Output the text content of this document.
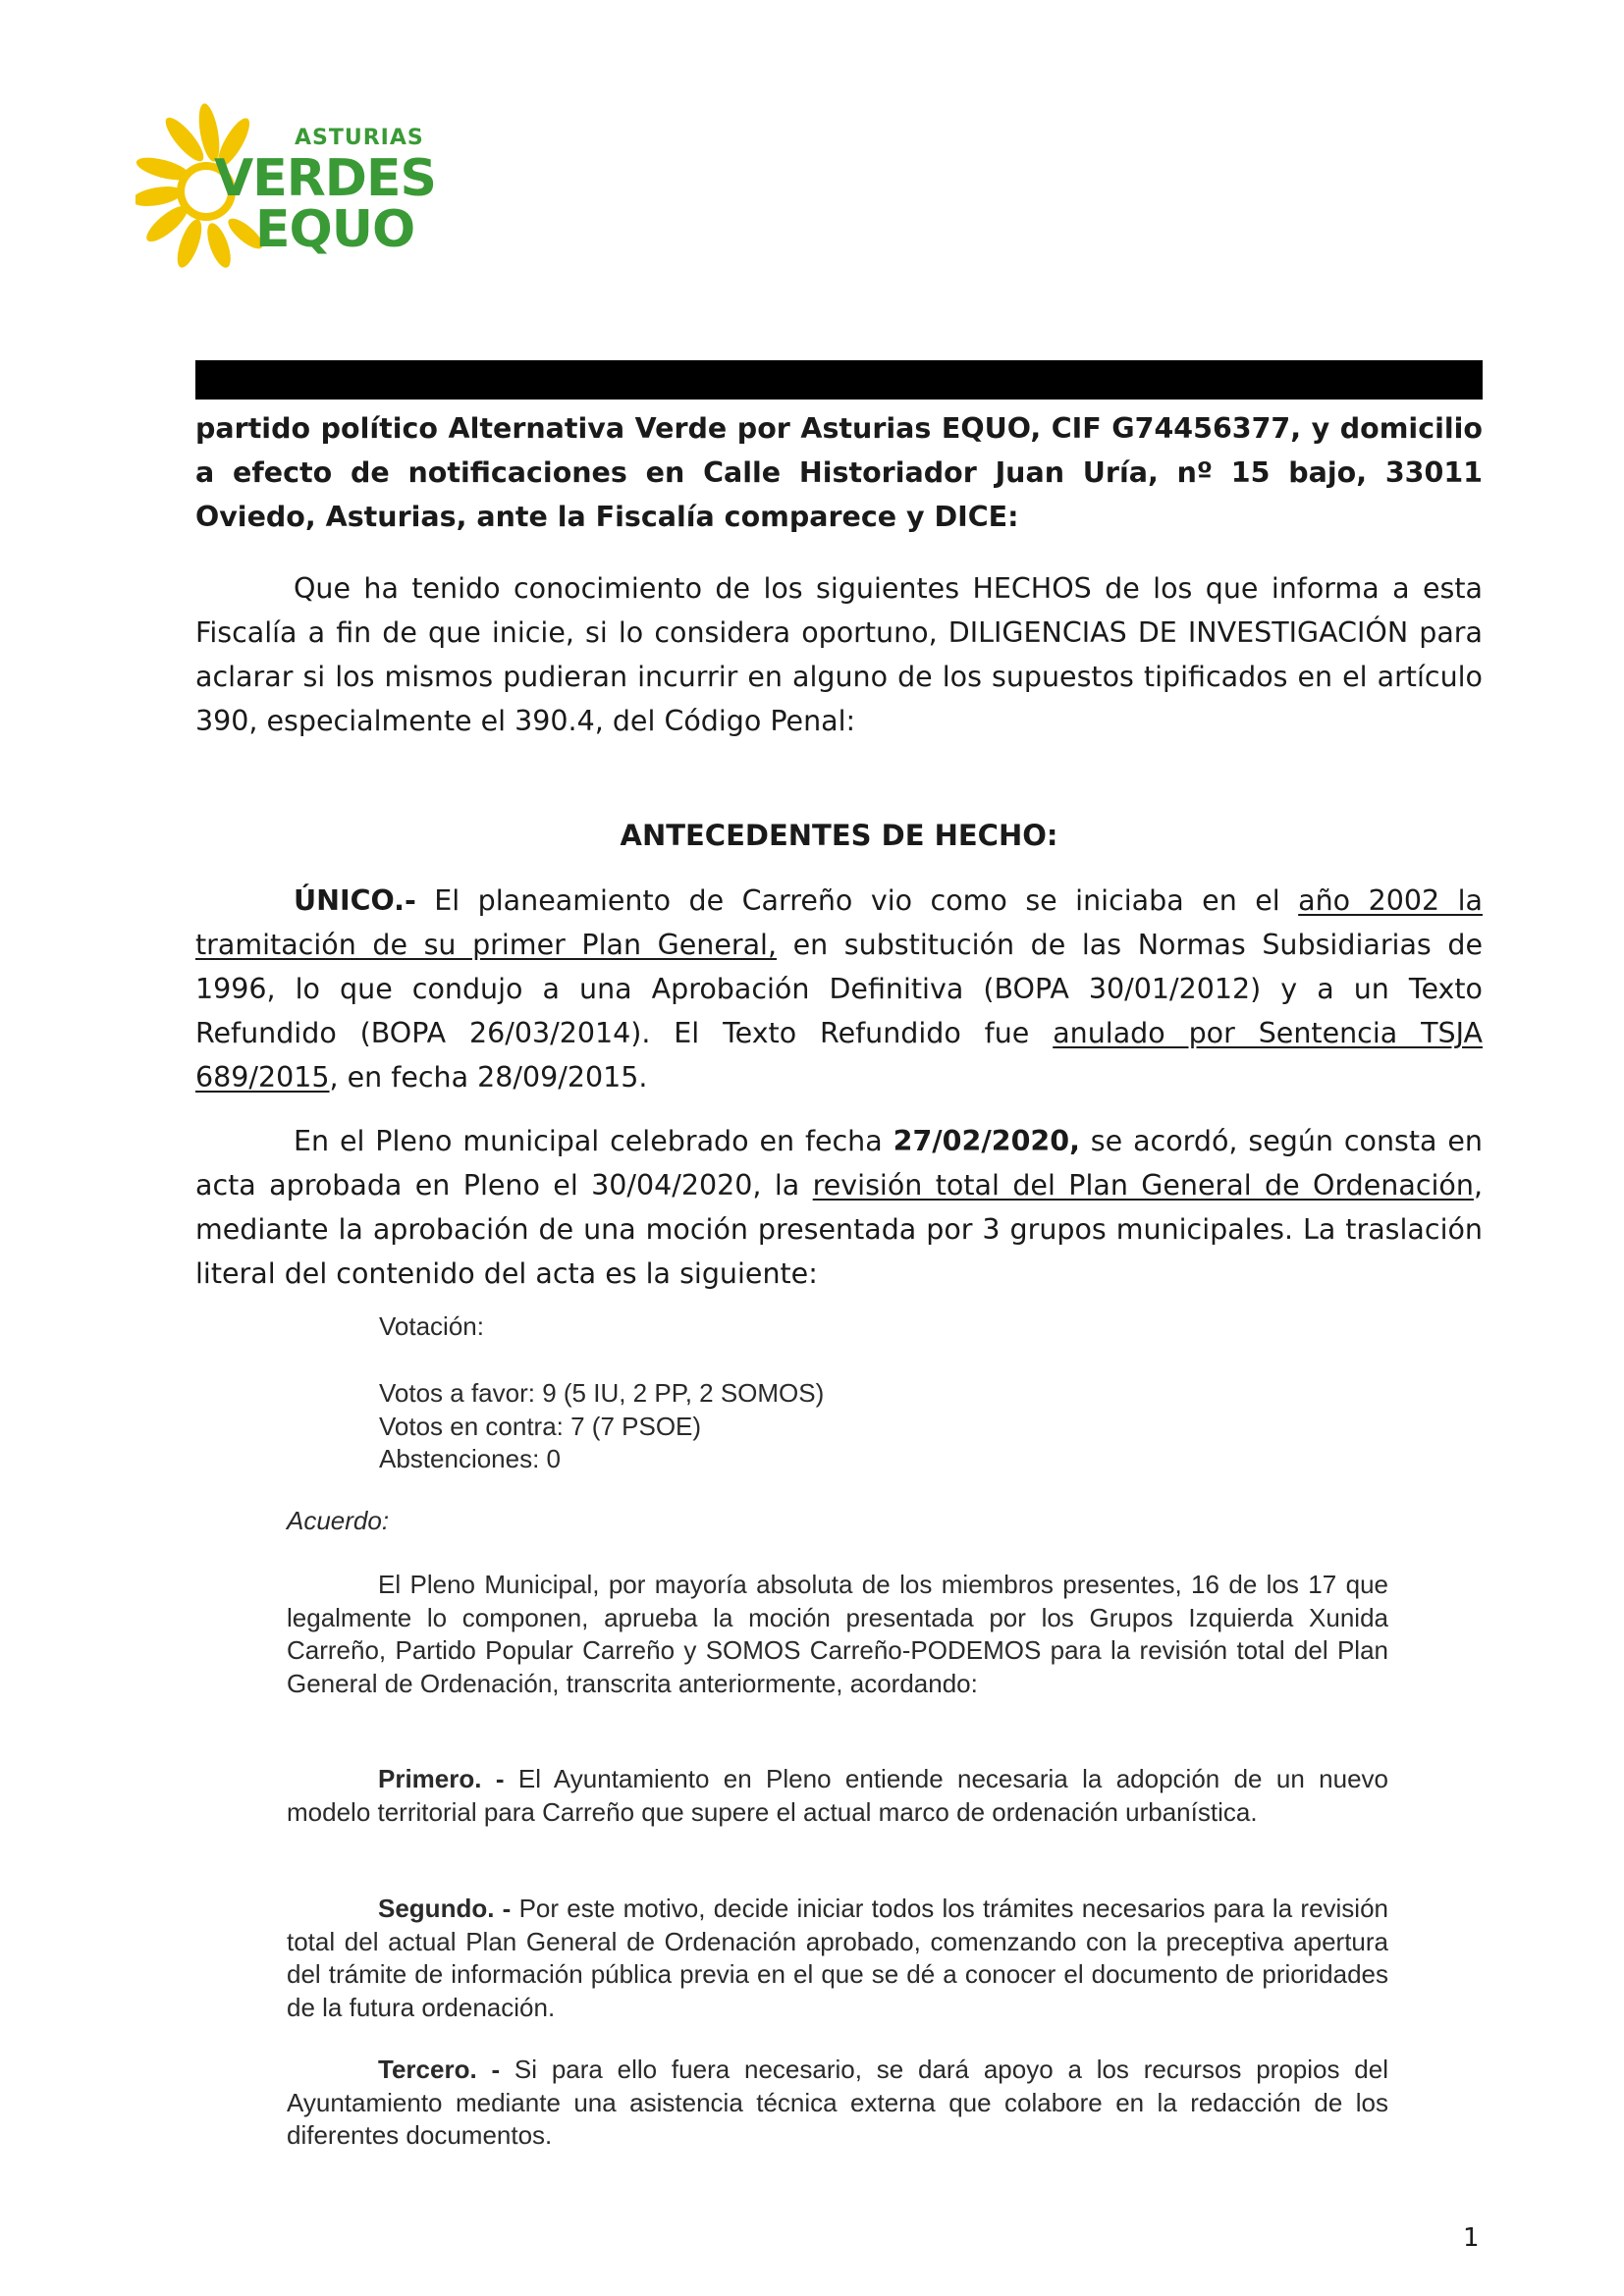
ASTURIAS
VERDES
EQUO
partido político Alternativa Verde por Asturias EQUO, CIF G74456377, y domicilio a efecto de notificaciones en Calle Historiador Juan Uría, nº 15 bajo, 33011 Oviedo, Asturias, ante la Fiscalía comparece y DICE:
Que ha tenido conocimiento de los siguientes HECHOS de los que informa a esta Fiscalía a fin de que inicie, si lo considera oportuno, DILIGENCIAS DE INVESTIGACIÓN para aclarar si los mismos pudieran incurrir en alguno de los supuestos tipificados en el artículo 390, especialmente el 390.4, del Código Penal:
ANTECEDENTES DE HECHO:
ÚNICO.- El planeamiento de Carreño vio como se iniciaba en el año 2002 la tramitación de su primer Plan General, en substitución de las Normas Subsidiarias de 1996, lo que condujo a una Aprobación Definitiva (BOPA 30/01/2012) y a un Texto Refundido (BOPA 26/03/2014). El Texto Refundido fue anulado por Sentencia TSJA 689/2015, en fecha 28/09/2015.
En el Pleno municipal celebrado en fecha 27/02/2020, se acordó, según consta en acta aprobada en Pleno el 30/04/2020, la revisión total del Plan General de Ordenación, mediante la aprobación de una moción presentada por 3 grupos municipales. La traslación literal del contenido del acta es la siguiente:
Votación:
Votos a favor: 9 (5 IU, 2 PP, 2 SOMOS)
Votos en contra: 7 (7 PSOE)
Abstenciones: 0
Acuerdo:
El Pleno Municipal, por mayoría absoluta de los miembros presentes, 16 de los 17 que legalmente lo componen, aprueba la moción presentada por los Grupos Izquierda Xunida Carreño, Partido Popular Carreño y SOMOS Carreño-PODEMOS para la revisión total del Plan General de Ordenación, transcrita anteriormente, acordando:
Primero. - El Ayuntamiento en Pleno entiende necesaria la adopción de un nuevo modelo territorial para Carreño que supere el actual marco de ordenación urbanística.
Segundo. - Por este motivo, decide iniciar todos los trámites necesarios para la revisión total del actual Plan General de Ordenación aprobado, comenzando con la preceptiva apertura del trámite de información pública previa en el que se dé a conocer el documento de prioridades de la futura ordenación.
Tercero. - Si para ello fuera necesario, se dará apoyo a los recursos propios del Ayuntamiento mediante una asistencia técnica externa que colabore en la redacción de los diferentes documentos.
1
